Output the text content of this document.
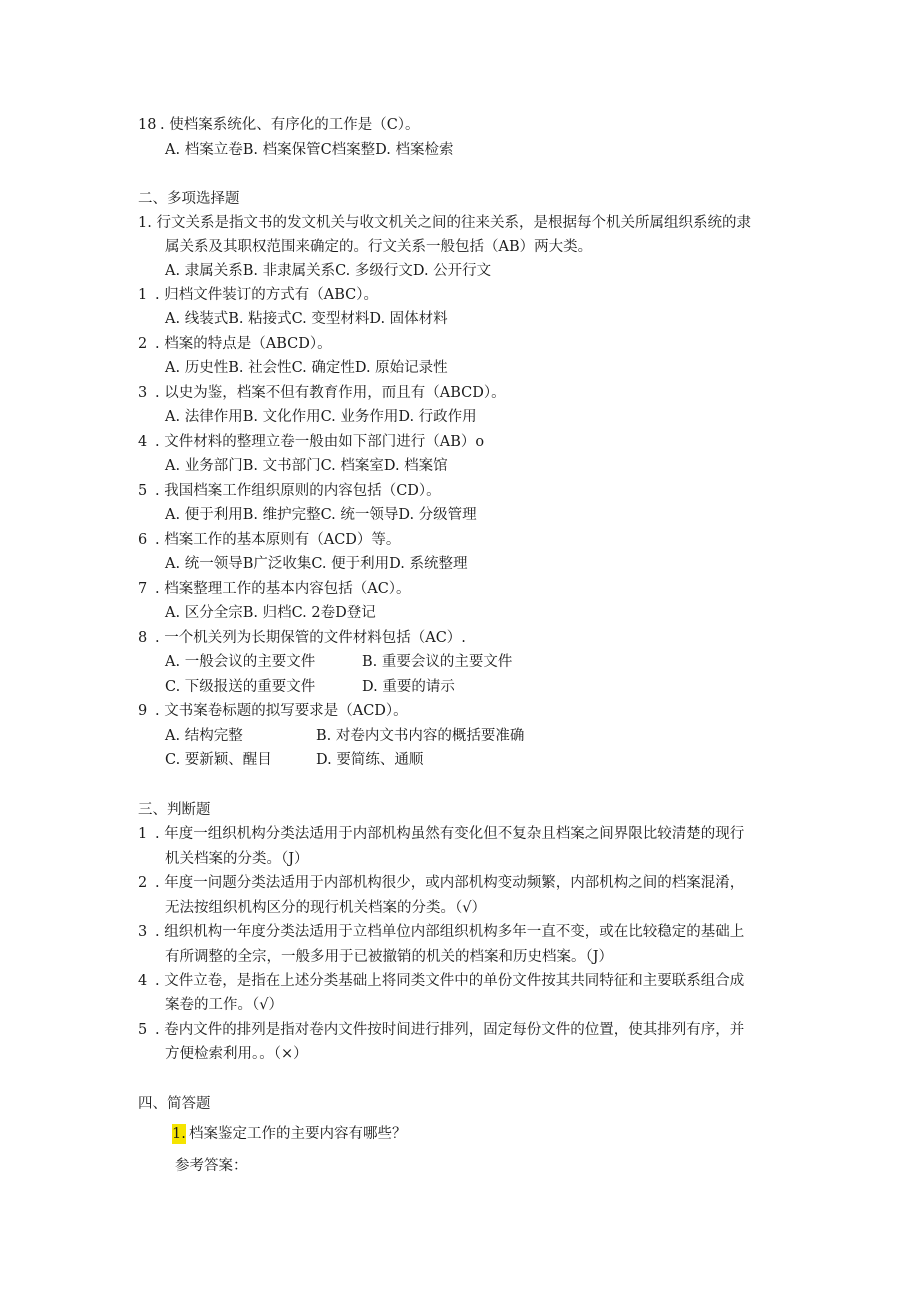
18 . 使档案系统化、有序化的工作是（C）。
A. 档案立卷B. 档案保管C档案整D. 档案检索
二、多项选择题
1. 行文关系是指文书的发文机关与收文机关之间的往来关系，是根据每个机关所属组织系统的隶
属关系及其职权范围来确定的。行文关系一般包括（AB）两大类。
A. 隶属关系B. 非隶属关系C. 多级行文D. 公开行文
1 . 归档文件装订的方式有（ABC）。
A. 线装式B. 粘接式C. 变型材料D. 固体材料
2 . 档案的特点是（ABCD）。
A. 历史性B. 社会性C. 确定性D. 原始记录性
3 . 以史为鉴，档案不但有教育作用，而且有（ABCD）。
A. 法律作用B. 文化作用C. 业务作用D. 行政作用
4 . 文件材料的整理立卷一般由如下部门进行（AB）o
A. 业务部门B. 文书部门C. 档案室D. 档案馆
5 . 我国档案工作组织原则的内容包括（CD）。
A. 便于利用B. 维护完整C. 统一领导D. 分级管理
6 . 档案工作的基本原则有（ACD）等。
A. 统一领导B广泛收集C. 便于利用D. 系统整理
7 . 档案整理工作的基本内容包括（AC）。
A. 区分全宗B. 归档C. 2卷D登记
8 . 一个机关列为长期保管的文件材料包括（AC）.
A. 一般会议的主要文件	B. 重要会议的主要文件
C. 下级报送的重要文件	D. 重要的请示
9 . 文书案卷标题的拟写要求是（ACD）。
A. 结构完整	B. 对卷内文书内容的概括要准确
C. 要新颖、醒目	D. 要简练、通顺
三、判断题
1 . 年度一组织机构分类法适用于内部机构虽然有变化但不复杂且档案之间界限比较清楚的现行
机关档案的分类。（J）
2 . 年度一问题分类法适用于内部机构很少，或内部机构变动频繁，内部机构之间的档案混淆，
无法按组织机构区分的现行机关档案的分类。（√）
3 . 组织机构一年度分类法适用于立档单位内部组织机构多年一直不变，或在比较稳定的基础上
有所调整的全宗，一般多用于已被撤销的机关的档案和历史档案。（J）
4 . 文件立卷，是指在上述分类基础上将同类文件中的单份文件按其共同特征和主要联系组合成
案卷的工作。（√）
5 . 卷内文件的排列是指对卷内文件按时间进行排列，固定每份文件的位置，使其排列有序，并
方便检索利用。。（×）
四、简答题
1. 档案鉴定工作的主要内容有哪些？
参考答案：
